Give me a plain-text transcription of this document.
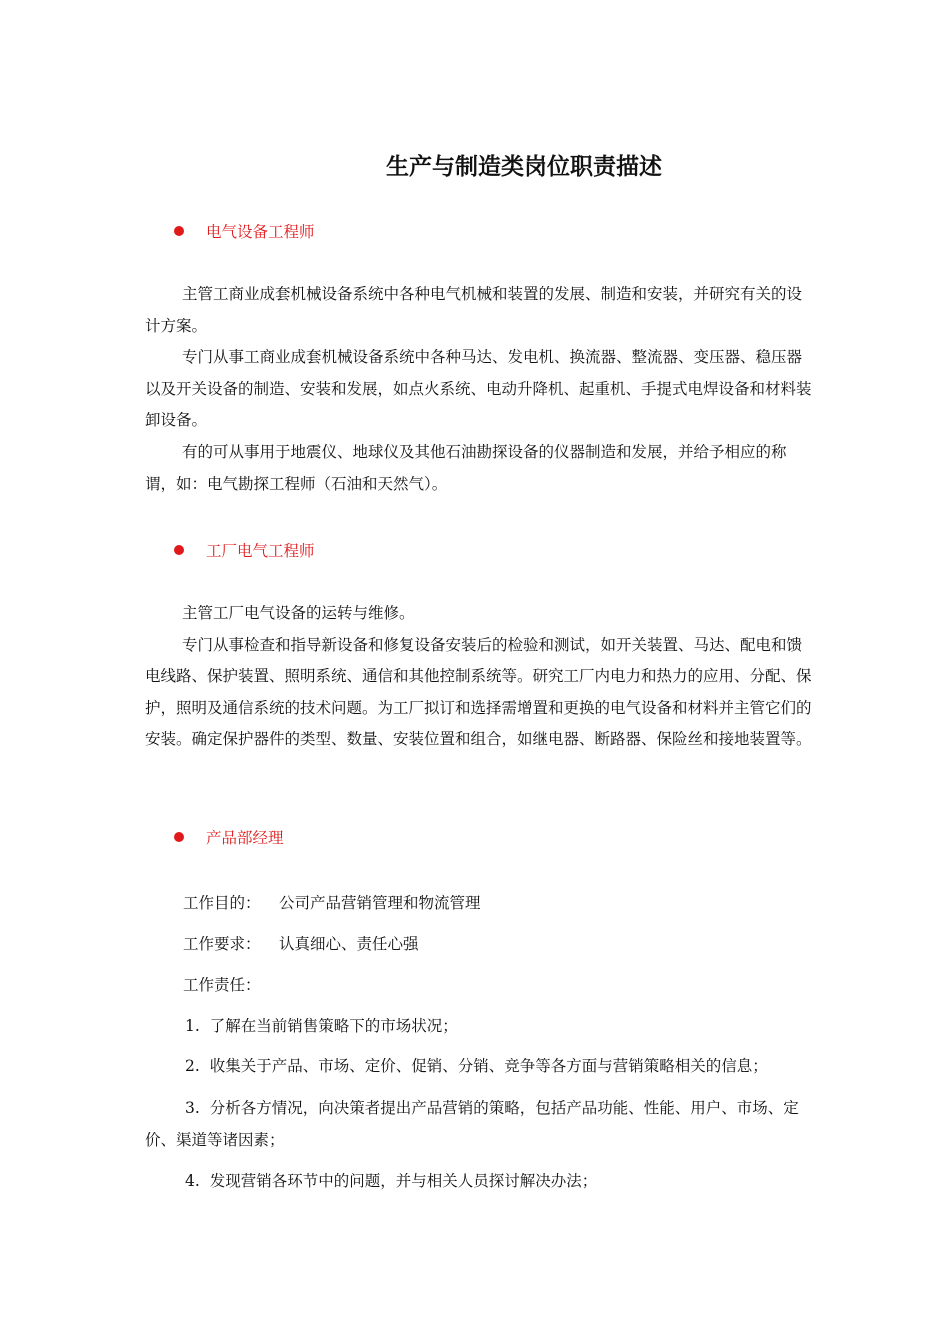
生产与制造类岗位职责描述
电气设备工程师

主管工商业成套机械设备系统中各种电气机械和装置的发展、制造和安装，并研究有关的设计方案。

专门从事工商业成套机械设备系统中各种马达、发电机、换流器、整流器、变压器、稳压器以及开关设备的制造、安装和发展，如点火系统、电动升降机、起重机、手提式电焊设备和材料装卸设备。

有的可从事用于地震仪、地球仪及其他石油勘探设备的仪器制造和发展，并给予相应的称谓，如：电气勘探工程师（石油和天然气）。

工厂电气工程师

主管工厂电气设备的运转与维修。

专门从事检查和指导新设备和修复设备安装后的检验和测试，如开关装置、马达、配电和馈电线路、保护装置、照明系统、通信和其他控制系统等。研究工厂内电力和热力的应用、分配、保护，照明及通信系统的技术问题。为工厂拟订和选择需增置和更换的电气设备和材料并主管它们的安装。确定保护器件的类型、数量、安装位置和组合，如继电器、断路器、保险丝和接地装置等。

产品部经理
工作目的： 公司产品营销管理和物流管理
工作要求： 认真细心、责任心强
工作责任：

1. 了解在当前销售策略下的市场状况；

2. 收集关于产品、市场、定价、促销、分销、竞争等各方面与营销策略相关的信息；

3. 分析各方情况，向决策者提出产品营销的策略，包括产品功能、性能、用户、市场、定价、渠道等诸因素；

4. 发现营销各环节中的问题，并与相关人员探讨解决办法；
